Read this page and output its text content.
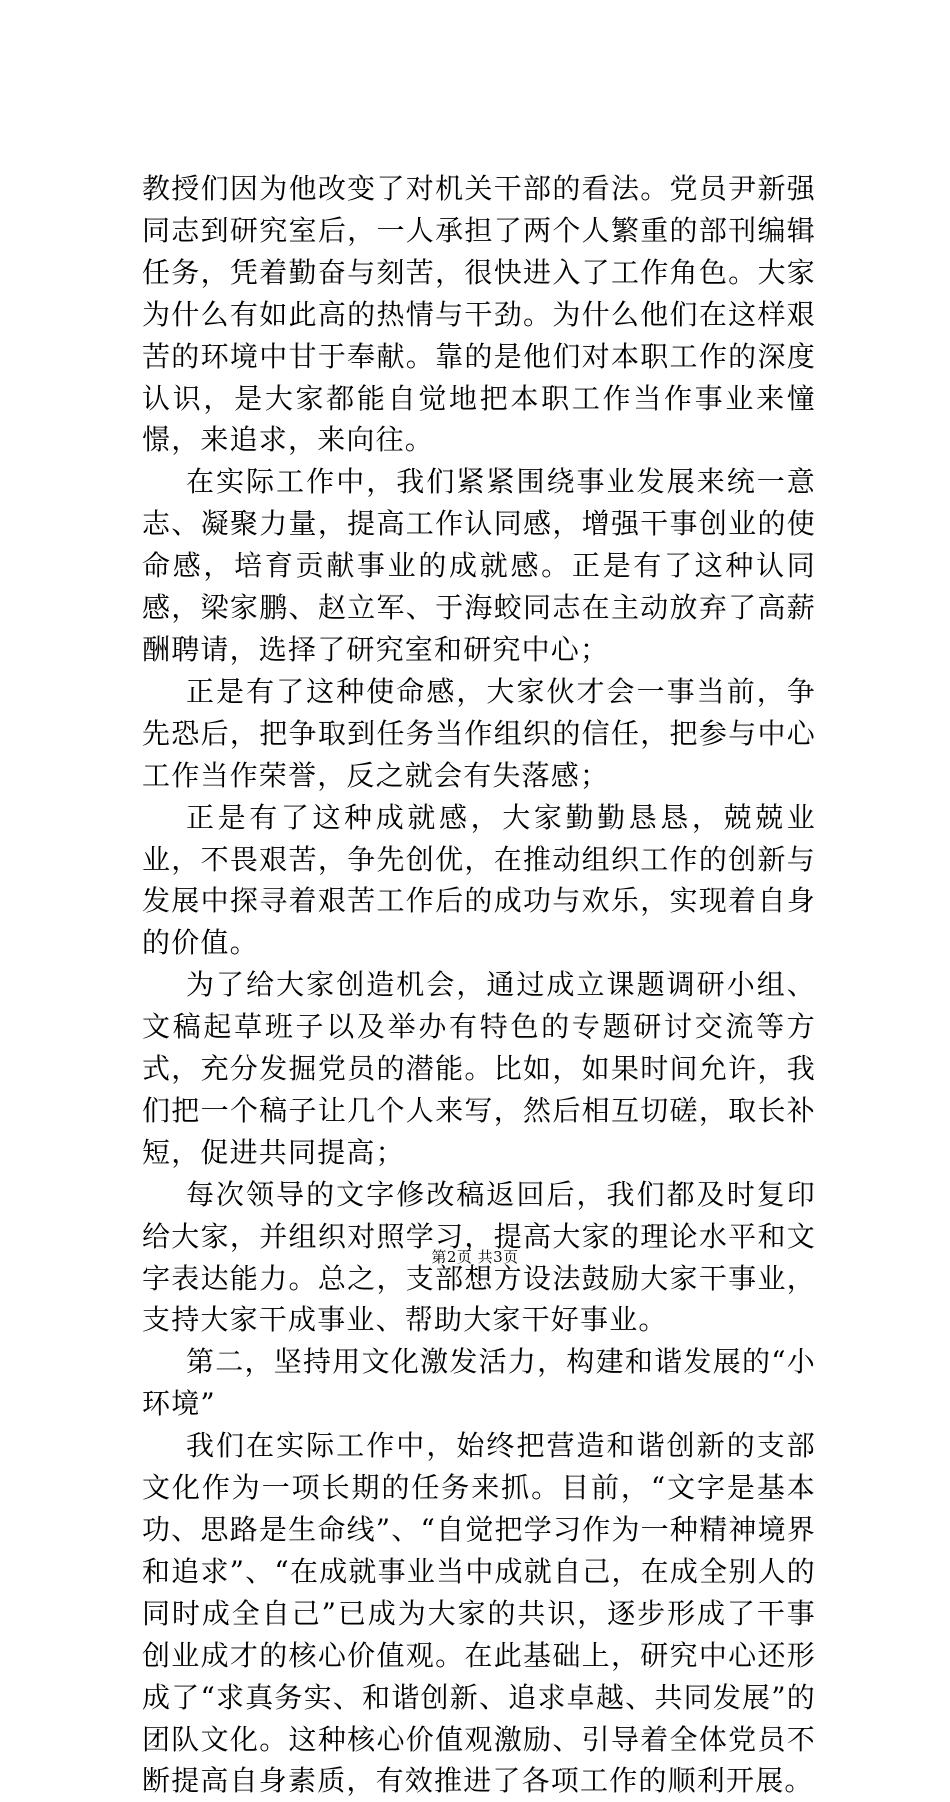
教授们因为他改变了对机关干部的看法。党员尹新强同志到研究室后，一人承担了两个人繁重的部刊编辑任务，凭着勤奋与刻苦，很快进入了工作角色。大家为什么有如此高的热情与干劲。为什么他们在这样艰苦的环境中甘于奉献。靠的是他们对本职工作的深度认识，是大家都能自觉地把本职工作当作事业来憧憬，来追求，来向往。

在实际工作中，我们紧紧围绕事业发展来统一意志、凝聚力量，提高工作认同感，增强干事创业的使命感，培育贡献事业的成就感。正是有了这种认同感，梁家鹏、赵立军、于海蛟同志在主动放弃了高薪酬聘请，选择了研究室和研究中心；

正是有了这种使命感，大家伙才会一事当前，争先恐后，把争取到任务当作组织的信任，把参与中心工作当作荣誉，反之就会有失落感；

正是有了这种成就感，大家勤勤恳恳，兢兢业业，不畏艰苦，争先创优，在推动组织工作的创新与发展中探寻着艰苦工作后的成功与欢乐，实现着自身的价值。

为了给大家创造机会，通过成立课题调研小组、文稿起草班子以及举办有特色的专题研讨交流等方式，充分发掘党员的潜能。比如，如果时间允许，我们把一个稿子让几个人来写，然后相互切磋，取长补短，促进共同提高；

每次领导的文字修改稿返回后，我们都及时复印给大家，并组织对照学习，提高大家的理论水平和文字表达能力。总之，支部想方设法鼓励大家干事业，支持大家干成事业、帮助大家干好事业。

第二，坚持用文化激发活力，构建和谐发展的“小环境”

我们在实际工作中，始终把营造和谐创新的支部文化作为一项长期的任务来抓。目前，“文字是基本功、思路是生命线”、“自觉把学习作为一种精神境界和追求”、“在成就事业当中成就自己，在成全别人的同时成全自己”已成为大家的共识，逐步形成了干事创业成才的核心价值观。在此基础上，研究中心还形成了“求真务实、和谐创新、追求卓越、共同发展”的团队文化。这种核心价值观激励、引导着全体党员不断提高自身素质，有效推进了各项工作的顺利开展。

第2页 共3页
